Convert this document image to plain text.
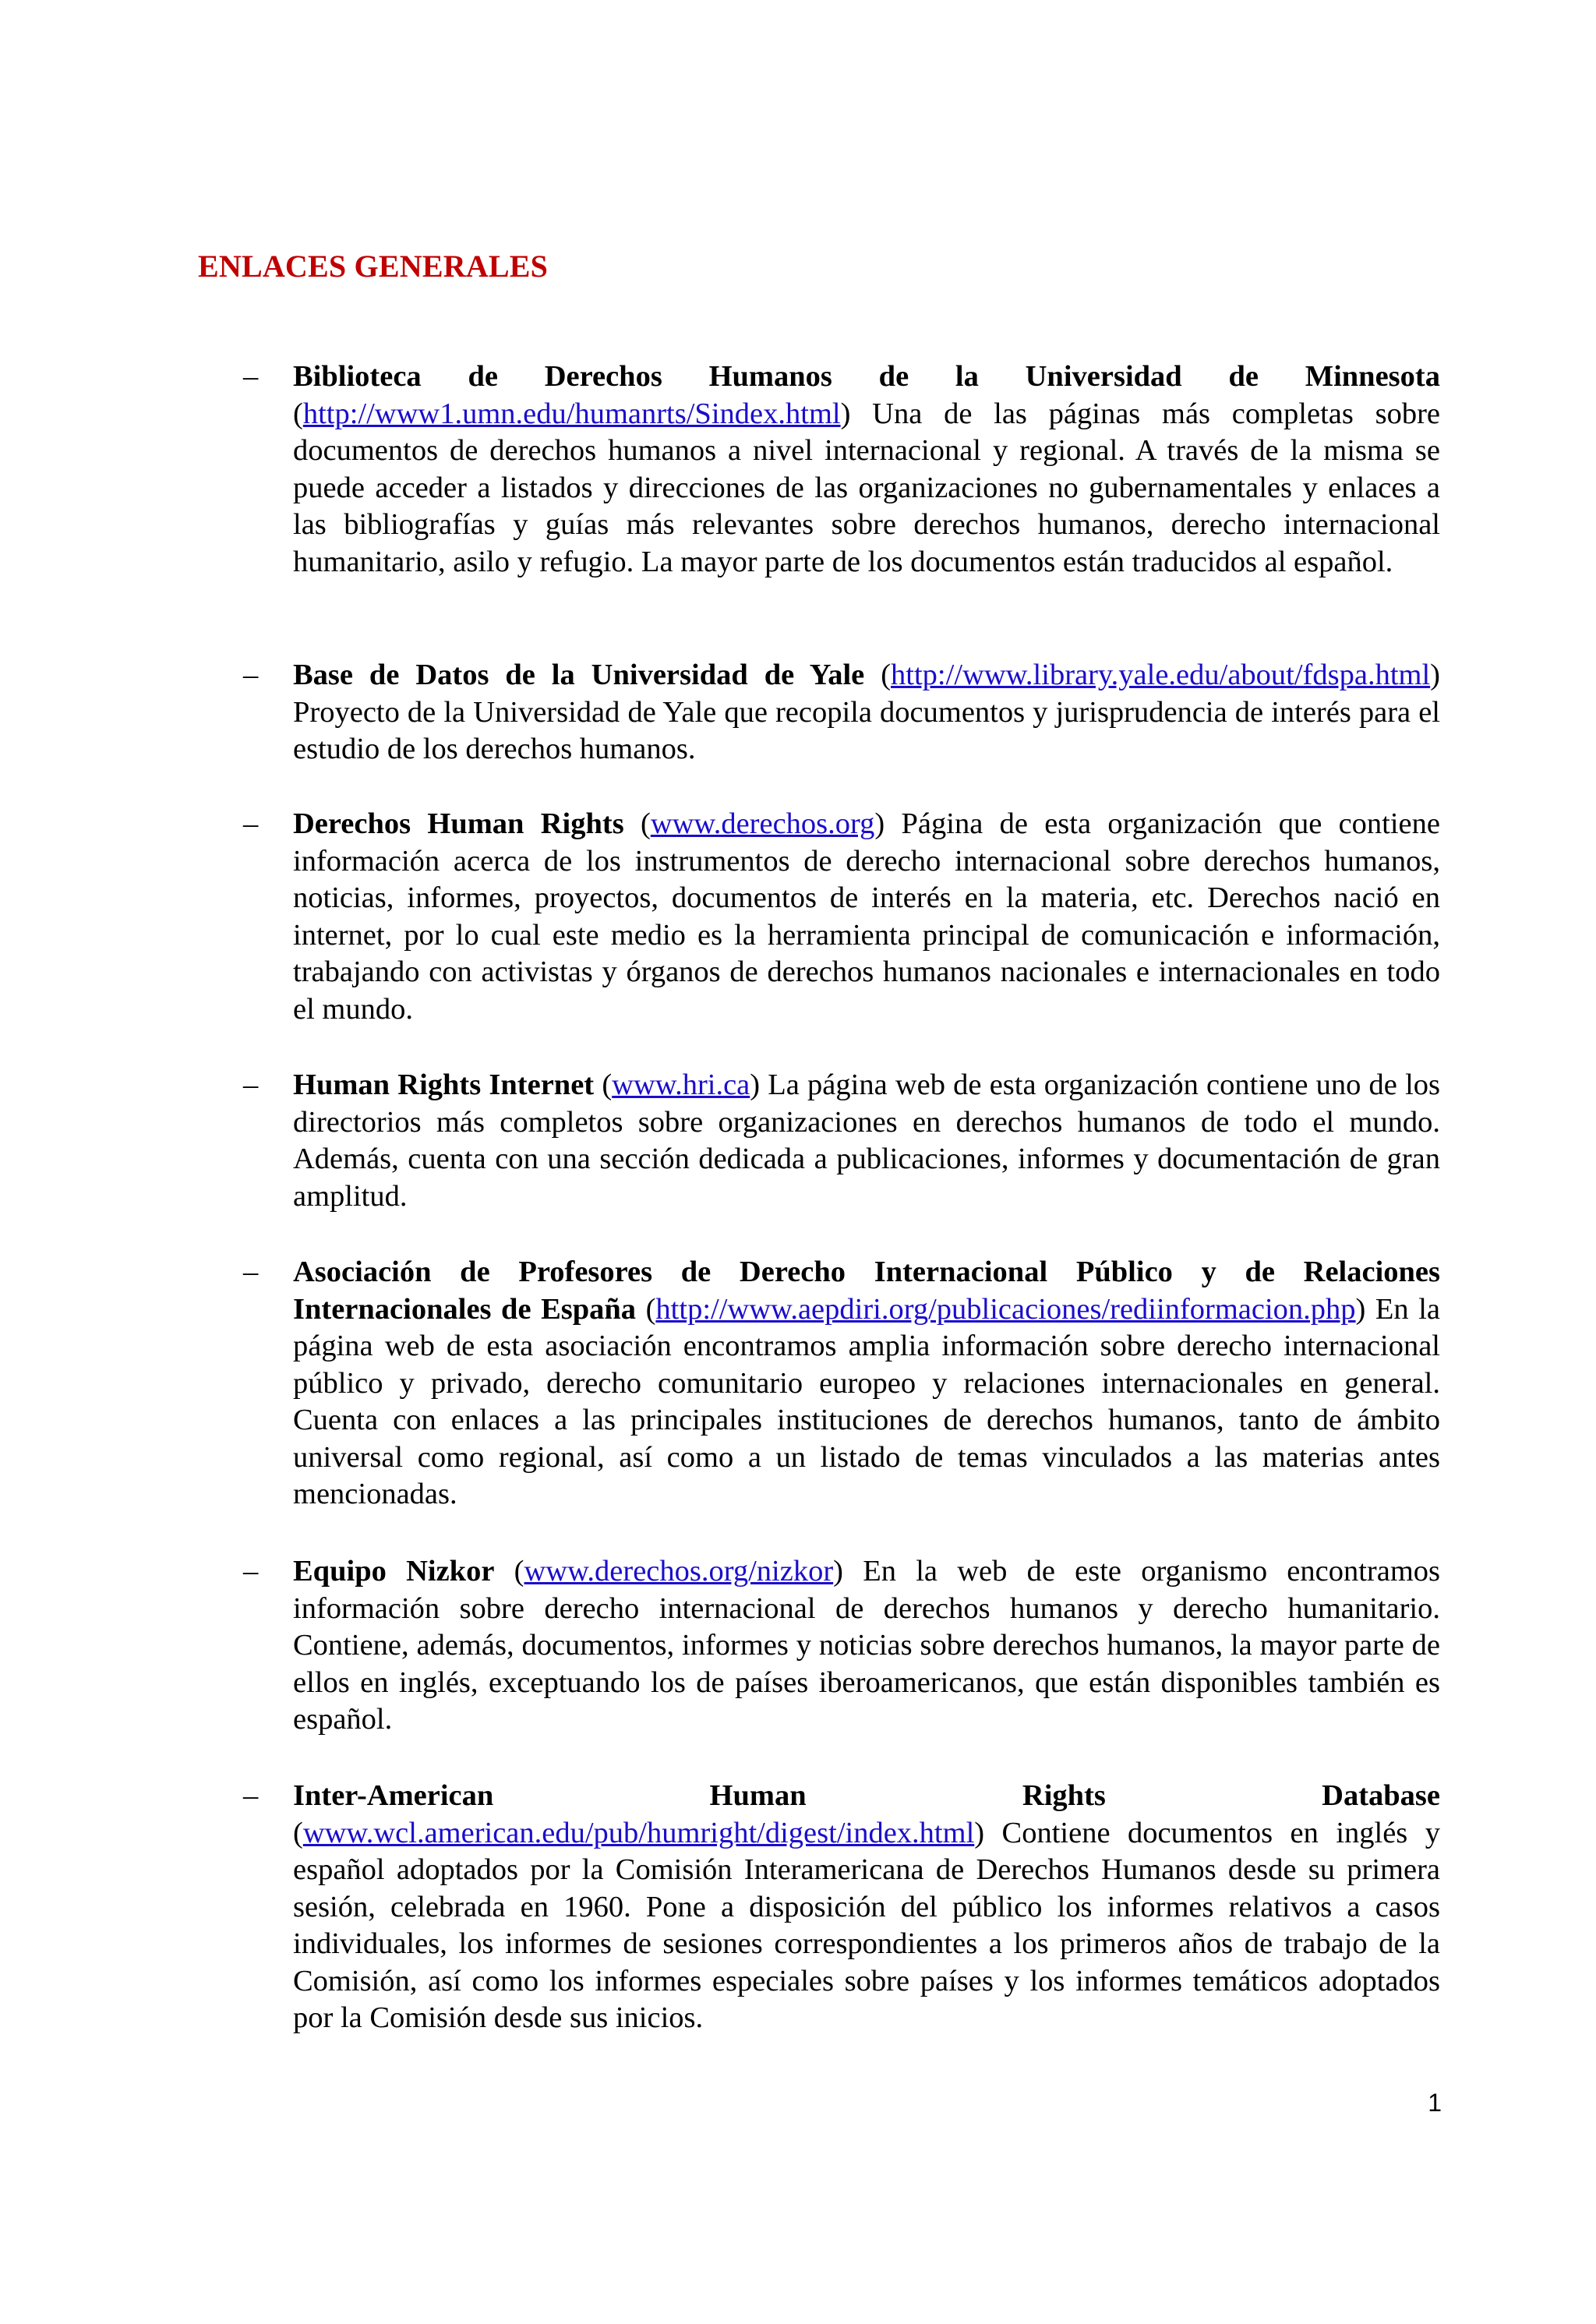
ENLACES GENERALES
– Biblioteca de Derechos Humanos de la Universidad de Minnesota (http://www1.umn.edu/humanrts/Sindex.html) Una de las páginas más completas sobre documentos de derechos humanos a nivel internacional y regional. A través de la misma se puede acceder a listados y direcciones de las organizaciones no gubernamentales y enlaces a las bibliografías y guías más relevantes sobre derechos humanos, derecho internacional humanitario, asilo y refugio. La mayor parte de los documentos están traducidos al español.
– Base de Datos de la Universidad de Yale (http://www.library.yale.edu/about/fdspa.html) Proyecto de la Universidad de Yale que recopila documentos y jurisprudencia de interés para el estudio de los derechos humanos.
– Derechos Human Rights (www.derechos.org) Página de esta organización que contiene información acerca de los instrumentos de derecho internacional sobre derechos humanos, noticias, informes, proyectos, documentos de interés en la materia, etc. Derechos nació en internet, por lo cual este medio es la herramienta principal de comunicación e información, trabajando con activistas y órganos de derechos humanos nacionales e internacionales en todo el mundo.
– Human Rights Internet (www.hri.ca) La página web de esta organización contiene uno de los directorios más completos sobre organizaciones en derechos humanos de todo el mundo. Además, cuenta con una sección dedicada a publicaciones, informes y documentación de gran amplitud.
– Asociación de Profesores de Derecho Internacional Público y de Relaciones Internacionales de España (http://www.aepdiri.org/publicaciones/rediinformacion.php) En la página web de esta asociación encontramos amplia información sobre derecho internacional público y privado, derecho comunitario europeo y relaciones internacionales en general. Cuenta con enlaces a las principales instituciones de derechos humanos, tanto de ámbito universal como regional, así como a un listado de temas vinculados a las materias antes mencionadas.
– Equipo Nizkor (www.derechos.org/nizkor) En la web de este organismo encontramos información sobre derecho internacional de derechos humanos y derecho humanitario. Contiene, además, documentos, informes y noticias sobre derechos humanos, la mayor parte de ellos en inglés, exceptuando los de países iberoamericanos, que están disponibles también es español.
– Inter-American Human Rights Database (www.wcl.american.edu/pub/humright/digest/index.html) Contiene documentos en inglés y español adoptados por la Comisión Interamericana de Derechos Humanos desde su primera sesión, celebrada en 1960. Pone a disposición del público los informes relativos a casos individuales, los informes de sesiones correspondientes a los primeros años de trabajo de la Comisión, así como los informes especiales sobre países y los informes temáticos adoptados por la Comisión desde sus inicios.
1
